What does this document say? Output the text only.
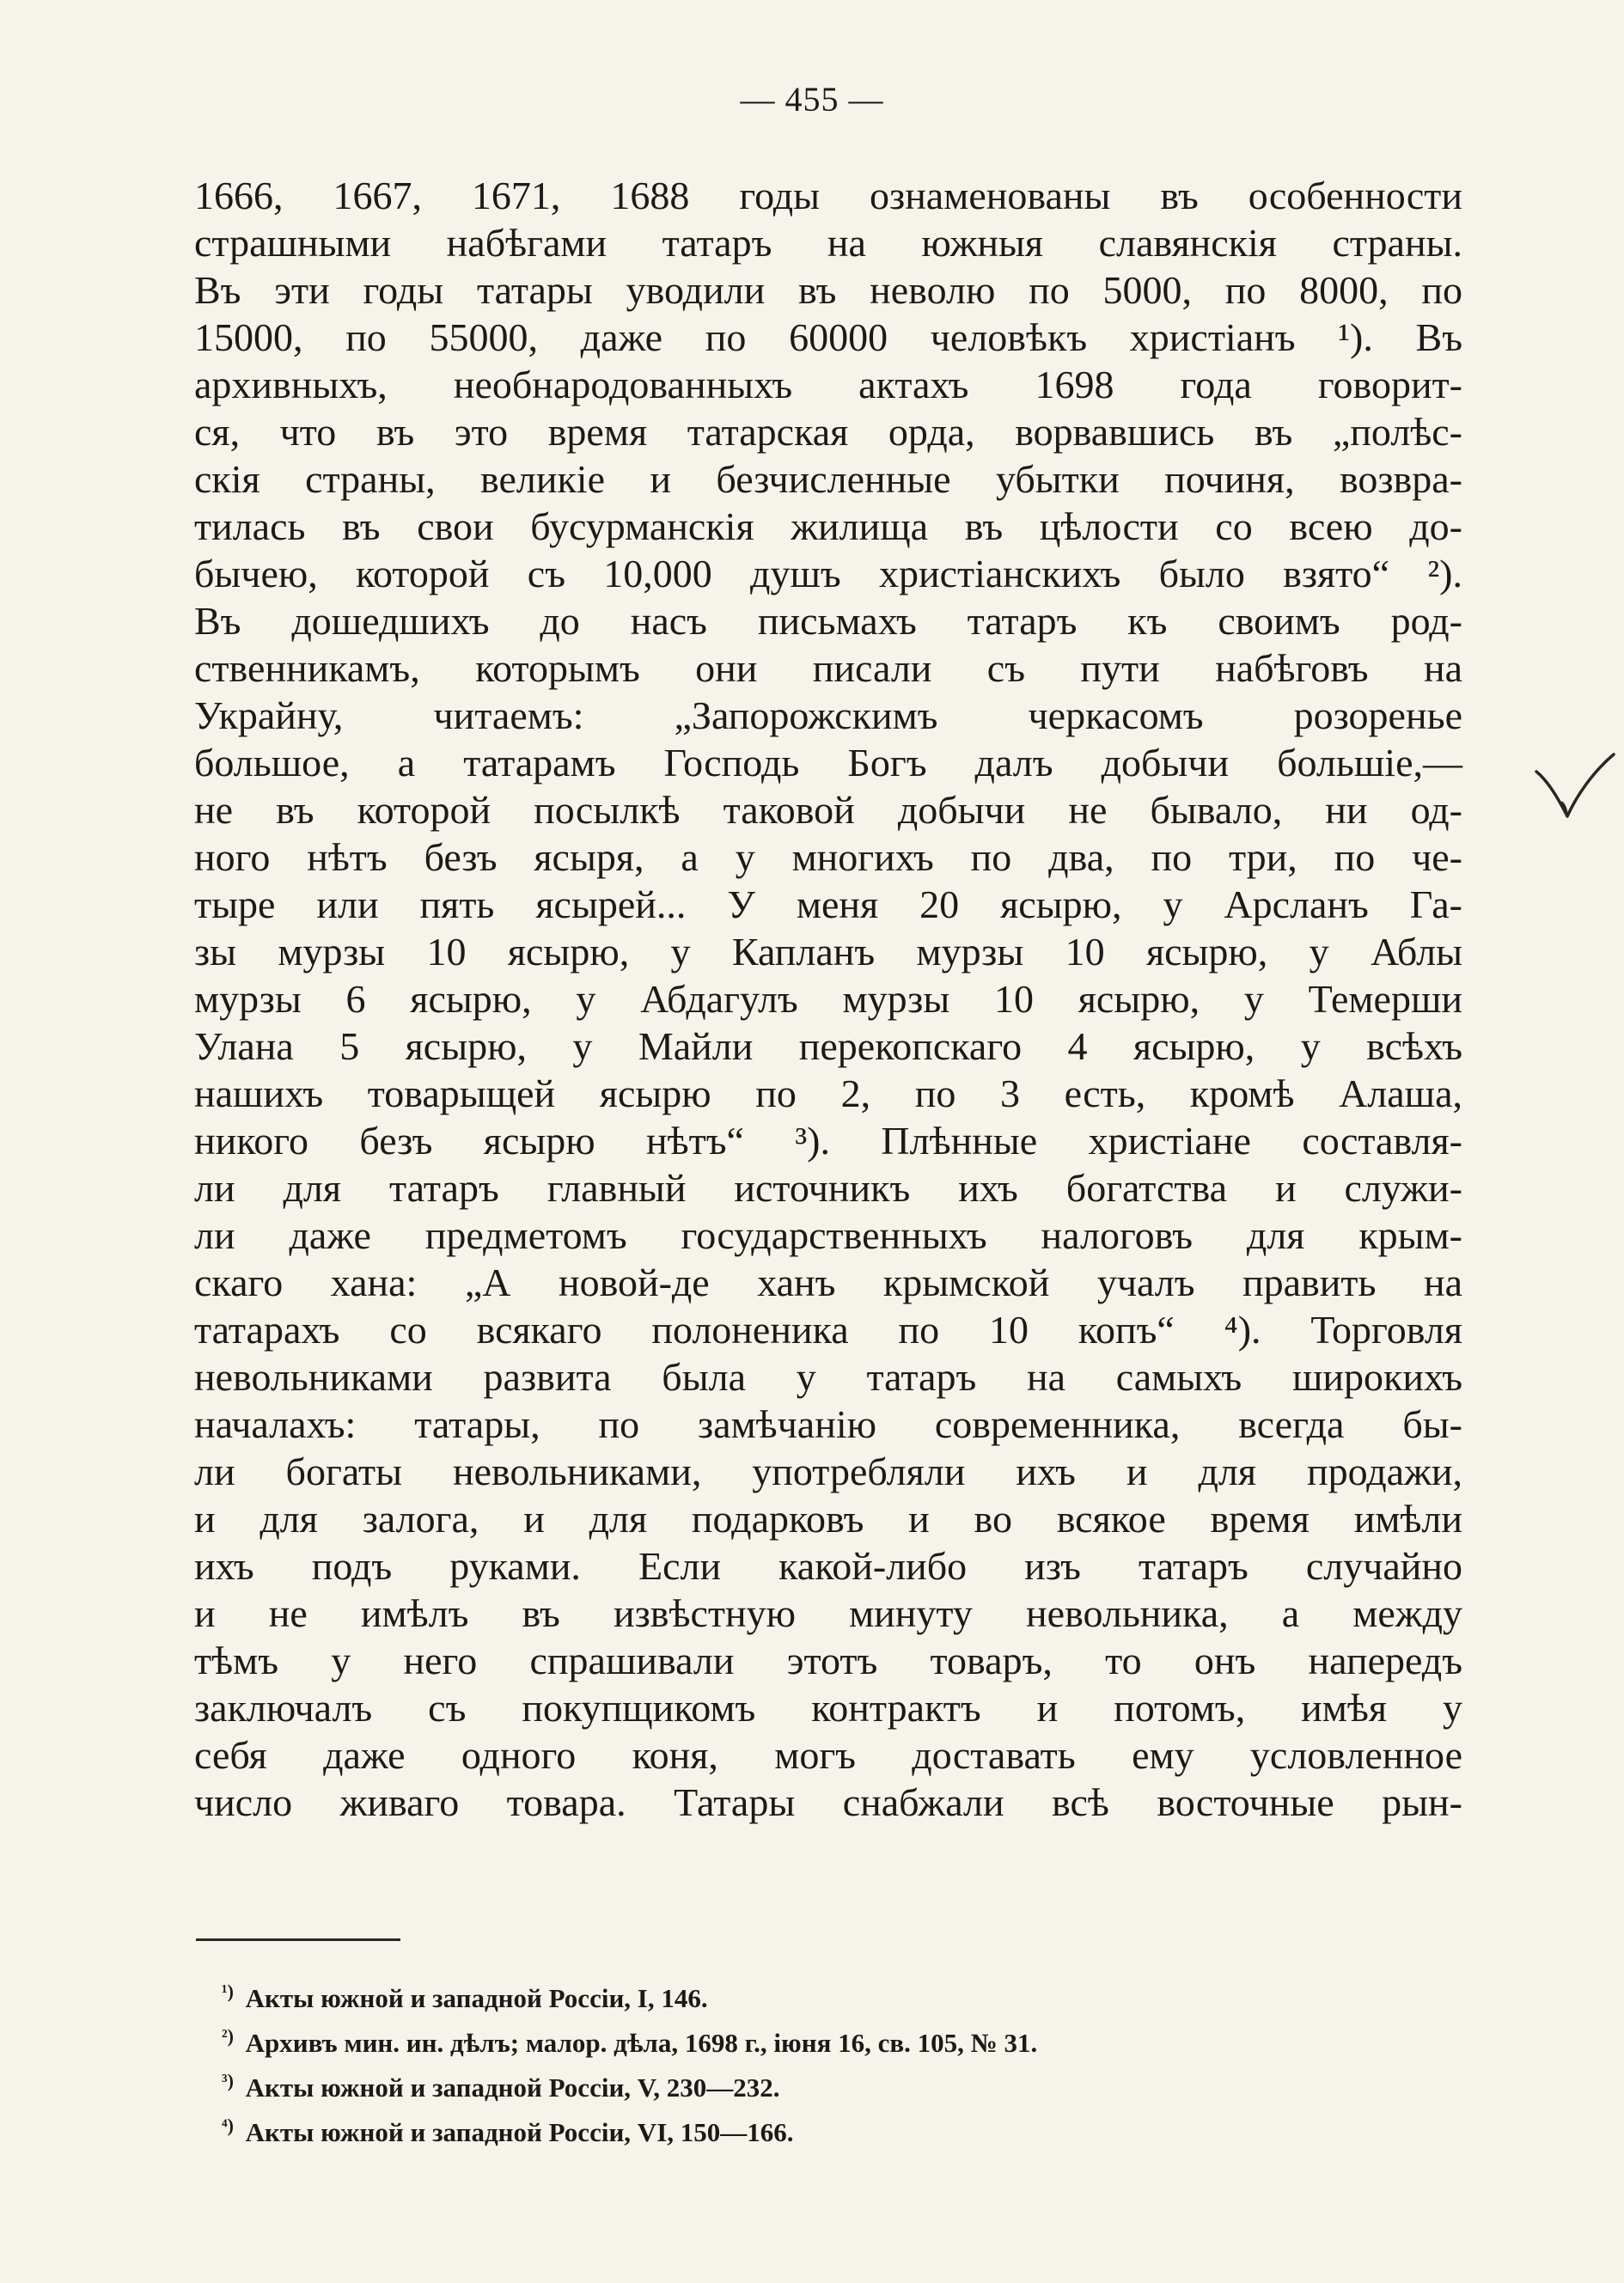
— 455 —
1666, 1667, 1671, 1688 годы ознаменованы въ особенности
страшными набѣгами татаръ на южныя славянскія страны.
Въ эти годы татары уводили въ неволю по 5000, по 8000, по
15000, по 55000, даже по 60000 человѣкъ христіанъ ¹). Въ
архивныхъ, необнародованныхъ актахъ 1698 года говорит-
ся, что въ это время татарская орда, ворвавшись въ „полѣс-
скія страны, великіе и безчисленные убытки починя, возвра-
тилась въ свои бусурманскія жилища въ цѣлости со всею до-
бычею, которой съ 10,000 душъ христіанскихъ было взято“ ²).
Въ дошедшихъ до насъ письмахъ татаръ къ своимъ род-
ственникамъ, которымъ они писали съ пути набѣговъ на
Украйну, читаемъ: „Запорожскимъ черкасомъ розоренье
большое, а татарамъ Господь Богъ далъ добычи большіе,—
не въ которой посылкѣ таковой добычи не бывало, ни од-
ного нѣтъ безъ ясыря, а у многихъ по два, по три, по че-
тыре или пять ясырей... У меня 20 ясырю, у Арсланъ Га-
зы мурзы 10 ясырю, у Капланъ мурзы 10 ясырю, у Аблы
мурзы 6 ясырю, у Абдагулъ мурзы 10 ясырю, у Темерши
Улана 5 ясырю, у Майли перекопскаго 4 ясырю, у всѣхъ
нашихъ товарыщей ясырю по 2, по 3 есть, кромѣ Алаша,
никого безъ ясырю нѣтъ“ ³). Плѣнные христіане составля-
ли для татаръ главный источникъ ихъ богатства и служи-
ли даже предметомъ государственныхъ налоговъ для крым-
скаго хана: „А новой-де ханъ крымской учалъ править на
татарахъ со всякаго полоненика по 10 копъ“ ⁴). Торговля
невольниками развита была у татаръ на самыхъ широкихъ
началахъ: татары, по замѣчанію современника, всегда бы-
ли богаты невольниками, употребляли ихъ и для продажи,
и для залога, и для подарковъ и во всякое время имѣли
ихъ подъ руками. Если какой-либо изъ татаръ случайно
и не имѣлъ въ извѣстную минуту невольника, а между
тѣмъ у него спрашивали этотъ товаръ, то онъ напередъ
заключалъ съ покупщикомъ контрактъ и потомъ, имѣя у
себя даже одного коня, могъ доставать ему условленное
число живаго товара. Татары снабжали всѣ восточные рын-
$^{^1)}$ Акты южной и западной Россіи, I, 146.
$^{^2)}$ Архивъ мин. ин. дѣлъ; малор. дѣла, 1698 г., іюня 16, св. 105, № 31.
$^{^3)}$ Акты южной и западной Россіи, V, 230—232.
$^{^4)}$ Акты южной и западной Россіи, VI, 150—166.
